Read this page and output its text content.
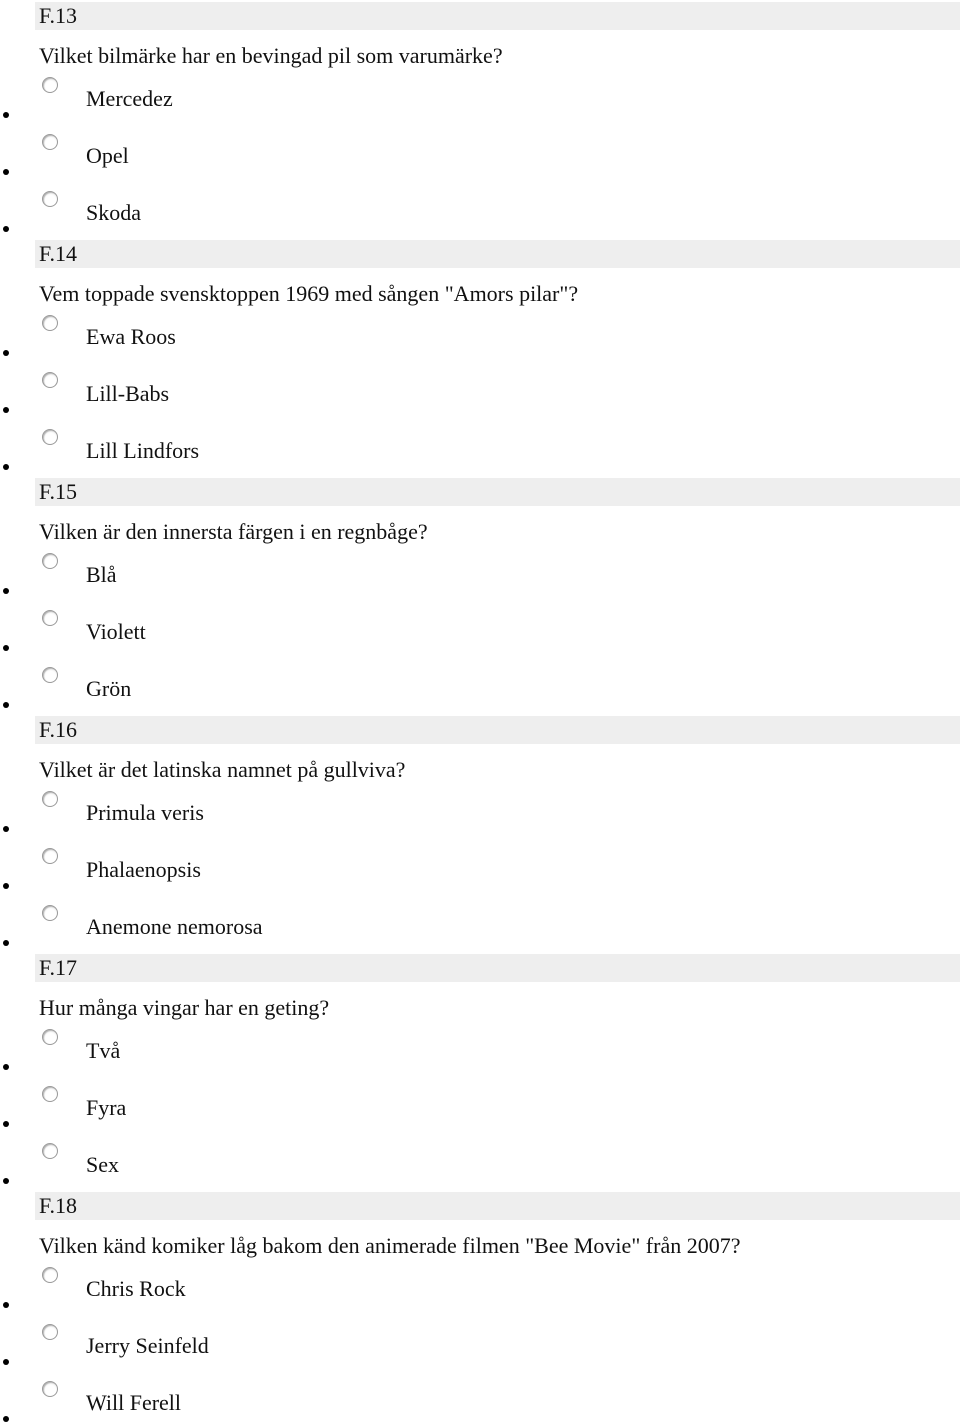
F.13
Vilket bilmärke har en bevingad pil som varumärke?
Mercedez
Opel
Skoda
F.14
Vem toppade svensktoppen 1969 med sången "Amors pilar"?
Ewa Roos
Lill-Babs
Lill Lindfors
F.15
Vilken är den innersta färgen i en regnbåge?
Blå
Violett
Grön
F.16
Vilket är det latinska namnet på gullviva?
Primula veris
Phalaenopsis
Anemone nemorosa
F.17
Hur många vingar har en geting?
Två
Fyra
Sex
F.18
Vilken känd komiker låg bakom den animerade filmen "Bee Movie" från 2007?
Chris Rock
Jerry Seinfeld
Will Ferell
